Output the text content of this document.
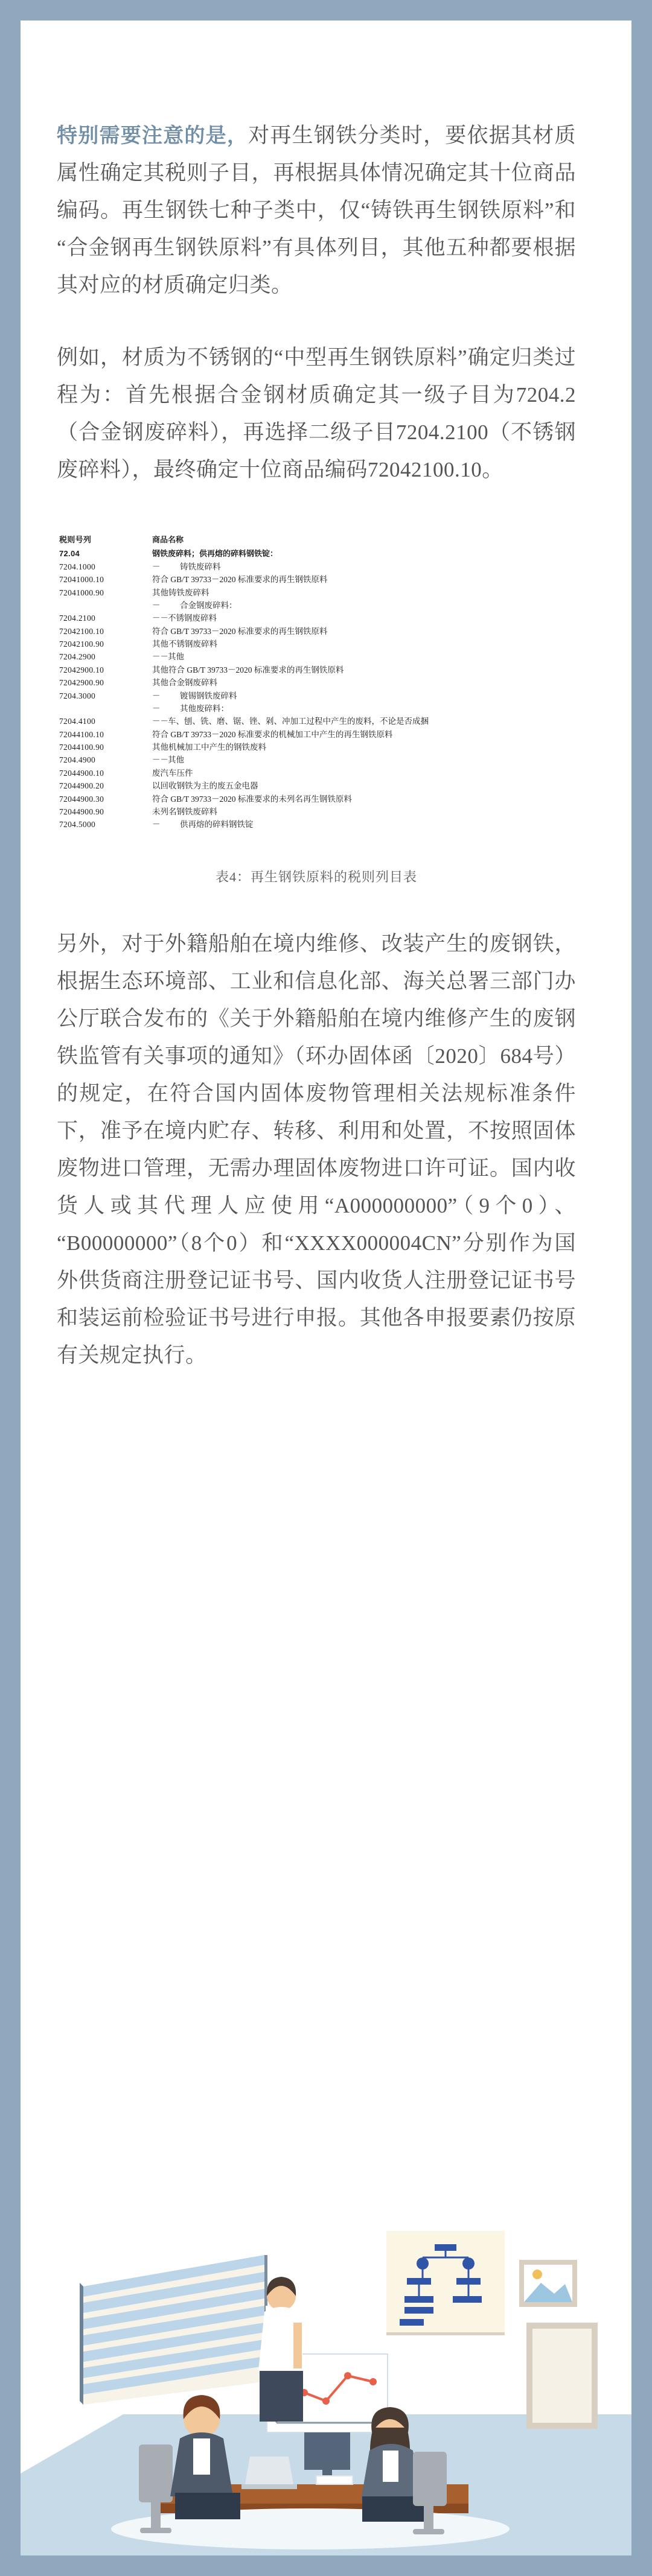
特别需要注意的是，对再生钢铁分类时，要依据其材质属性确定其税则子目，再根据具体情况确定其十位商品编码。再生钢铁七种子类中，仅“铸铁再生钢铁原料”和“合金钢再生钢铁原料”有具体列目，其他五种都要根据其对应的材质确定归类。

例如，材质为不锈钢的“中型再生钢铁原料”确定归类过程为：首先根据合金钢材质确定其一级子目为7204.2（合金钢废碎料），再选择二级子目7204.2100（不锈钢废碎料），最终确定十位商品编码72042100.10。

税则号列	商品名称
72.04	钢铁废碎料；供再熔的碎料钢铁锭：
7204.1000	－ 铸铁废碎料
72041000.10	符合 GB/T 39733－2020 标准要求的再生钢铁原料
72041000.90	其他铸铁废碎料
	－ 合金钢废碎料：
7204.2100	－－不锈钢废碎料
72042100.10	符合 GB/T 39733－2020 标准要求的再生钢铁原料
72042100.90	其他不锈钢废碎料
7204.2900	－－其他
72042900.10	其他符合 GB/T 39733－2020 标准要求的再生钢铁原料
72042900.90	其他合金钢废碎料
7204.3000	－ 镀锡钢铁废碎料
	－ 其他废碎料：
7204.4100	－－车、刨、铣、磨、锯、锉、剁、冲加工过程中产生的废料，不论是否成捆
72044100.10	符合 GB/T 39733－2020 标准要求的机械加工中产生的再生钢铁原料
72044100.90	其他机械加工中产生的钢铁废料
7204.4900	－－其他
72044900.10	废汽车压件
72044900.20	以回收钢铁为主的废五金电器
72044900.30	符合 GB/T 39733－2020 标准要求的未列名再生钢铁原料
72044900.90	未列名钢铁废碎料
7204.5000	－ 供再熔的碎料钢铁锭

表4：再生钢铁原料的税则列目表

另外，对于外籍船舶在境内维修、改装产生的废钢铁，根据生态环境部、工业和信息化部、海关总署三部门办公厅联合发布的《关于外籍船舶在境内维修产生的废钢铁监管有关事项的通知》（环办固体函〔2020〕684号）的规定，在符合国内固体废物管理相关法规标准条件下，准予在境内贮存、转移、利用和处置，不按照固体废物进口管理，无需办理固体废物进口许可证。国内收货人或其代理人应使用“A000000000”（9个0）、“B00000000”（8个0）和“XXXX000004CN”分别作为国外供货商注册登记证书号、国内收货人注册登记证书号和装运前检验证书号进行申报。其他各申报要素仍按原有关规定执行。
